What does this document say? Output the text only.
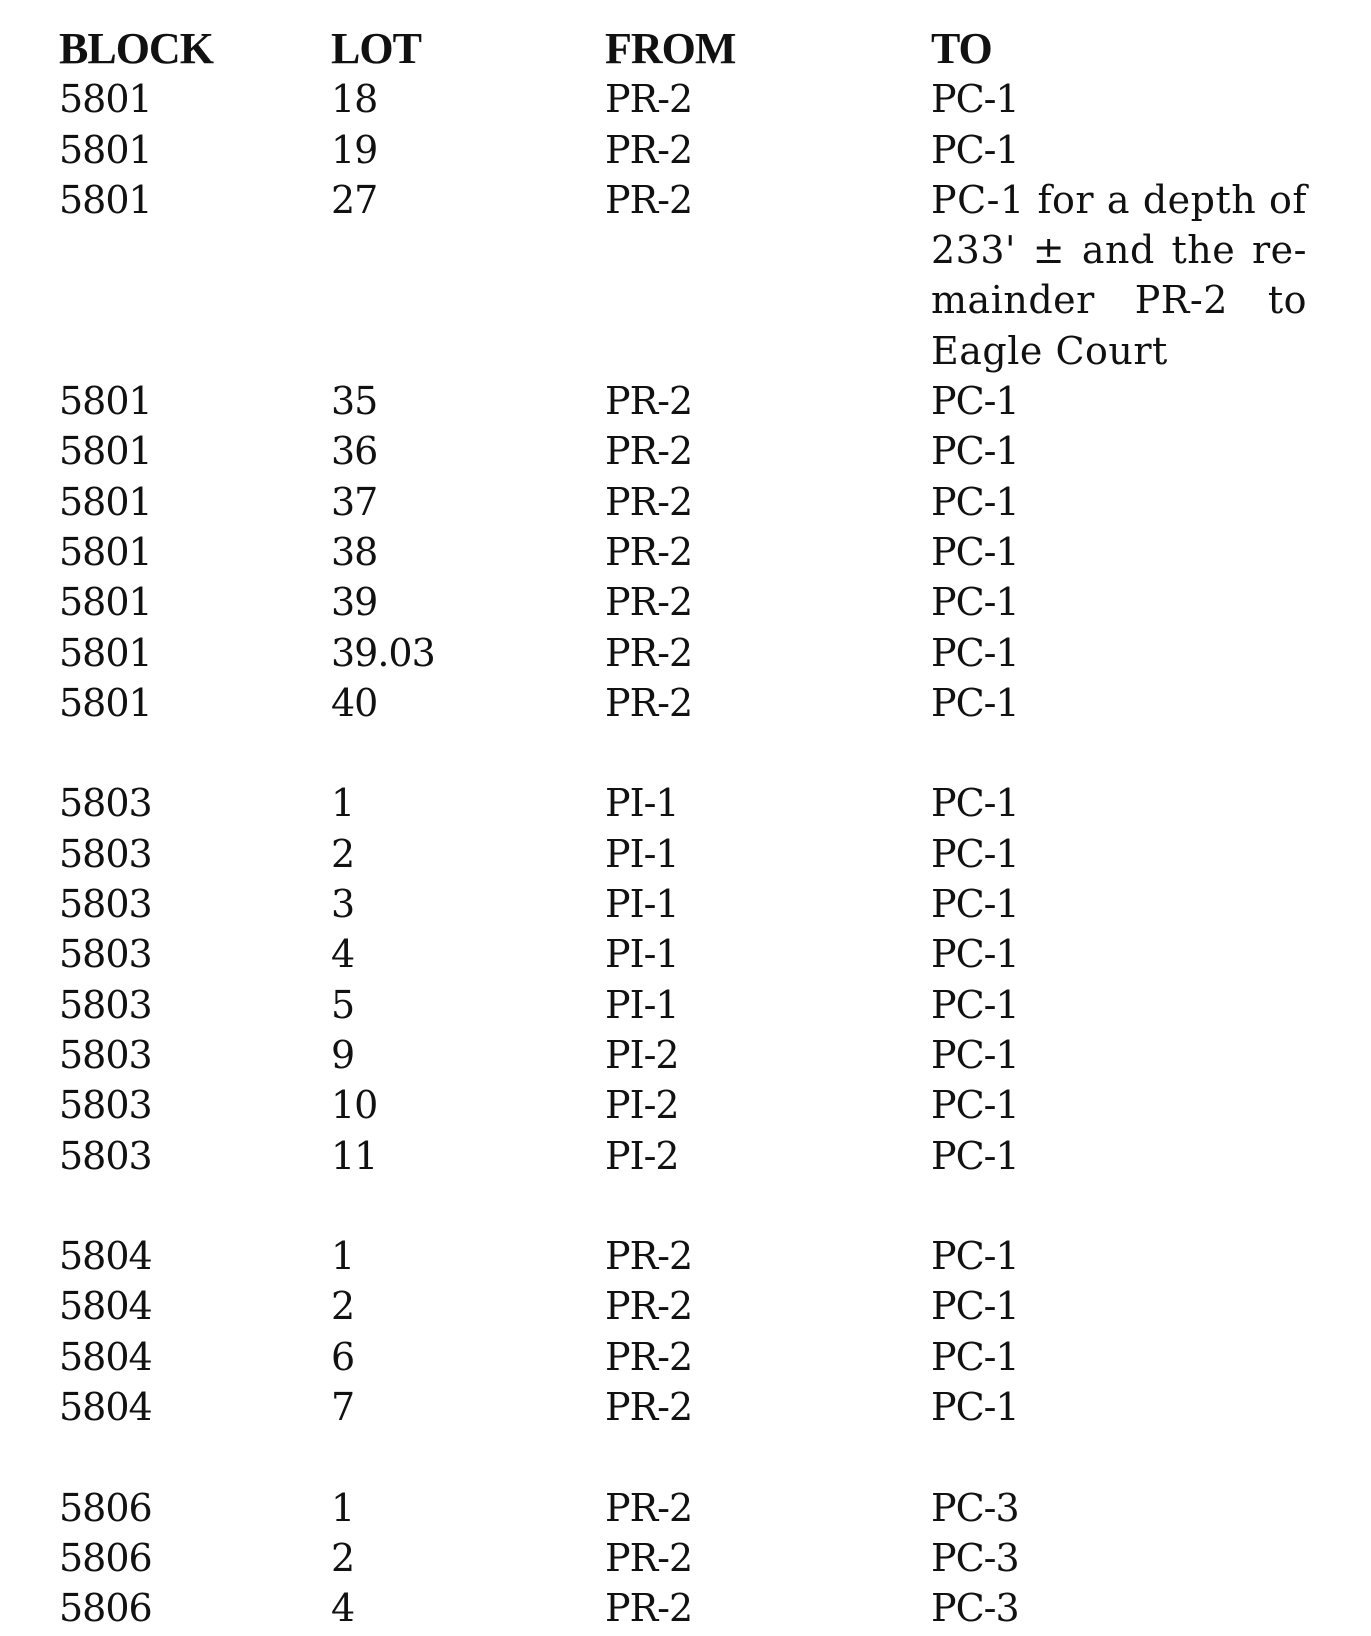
BLOCK	LOT	FROM	TO
5801	18	PR-2	PC-1
5801	19	PR-2	PC-1
5801	27	PR-2	PC-1 for a depth of 233' ± and the re-mainder PR-2 to Eagle Court
5801	35	PR-2	PC-1
5801	36	PR-2	PC-1
5801	37	PR-2	PC-1
5801	38	PR-2	PC-1
5801	39	PR-2	PC-1
5801	39.03	PR-2	PC-1
5801	40	PR-2	PC-1
5803	1	PI-1	PC-1
5803	2	PI-1	PC-1
5803	3	PI-1	PC-1
5803	4	PI-1	PC-1
5803	5	PI-1	PC-1
5803	9	PI-2	PC-1
5803	10	PI-2	PC-1
5803	11	PI-2	PC-1
5804	1	PR-2	PC-1
5804	2	PR-2	PC-1
5804	6	PR-2	PC-1
5804	7	PR-2	PC-1
5806	1	PR-2	PC-3
5806	2	PR-2	PC-3
5806	4	PR-2	PC-3
